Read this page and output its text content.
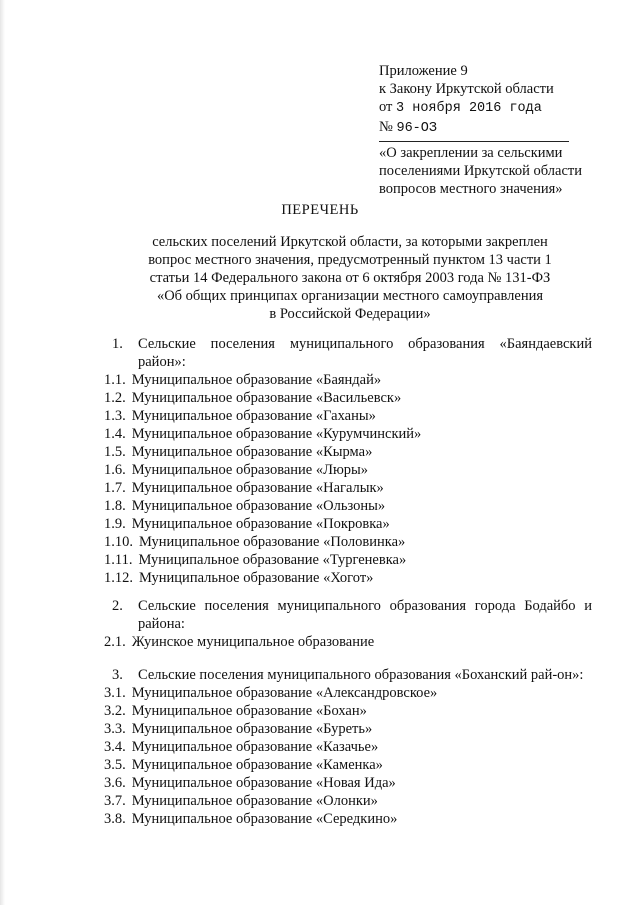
Приложение 9
к Закону Иркутской области
от 3 ноября 2016 года
№ 96-ОЗ
«О закреплении за сельскими
поселениями Иркутской области
вопросов местного значения»
ПЕРЕЧЕНЬ
сельских поселений Иркутской области, за которыми закреплен
вопрос местного значения, предусмотренный пунктом 13 части 1
статьи 14 Федерального закона от 6 октября 2003 года № 131-ФЗ
«Об общих принципах организации местного самоуправления
в Российской Федерации»
1.	Сельские поселения муниципального образования «Баяндаевский район»:
1.1. Муниципальное образование «Баяндай»
1.2. Муниципальное образование «Васильевск»
1.3. Муниципальное образование «Гаханы»
1.4. Муниципальное образование «Курумчинский»
1.5. Муниципальное образование «Кырма»
1.6. Муниципальное образование «Люры»
1.7. Муниципальное образование «Нагалык»
1.8. Муниципальное образование «Ользоны»
1.9. Муниципальное образование «Покровка»
1.10. Муниципальное образование «Половинка»
1.11. Муниципальное образование «Тургеневка»
1.12. Муниципальное образование «Хогот»
2.	Сельские поселения муниципального образования города Бодайбо и района:
2.1. Жуинское муниципальное образование
3.	Сельские поселения муниципального образования «Боханский рай-он»:
3.1. Муниципальное образование «Александровское»
3.2. Муниципальное образование «Бохан»
3.3. Муниципальное образование «Буреть»
3.4. Муниципальное образование «Казачье»
3.5. Муниципальное образование «Каменка»
3.6. Муниципальное образование «Новая Ида»
3.7. Муниципальное образование «Олонки»
3.8. Муниципальное образование «Середкино»
